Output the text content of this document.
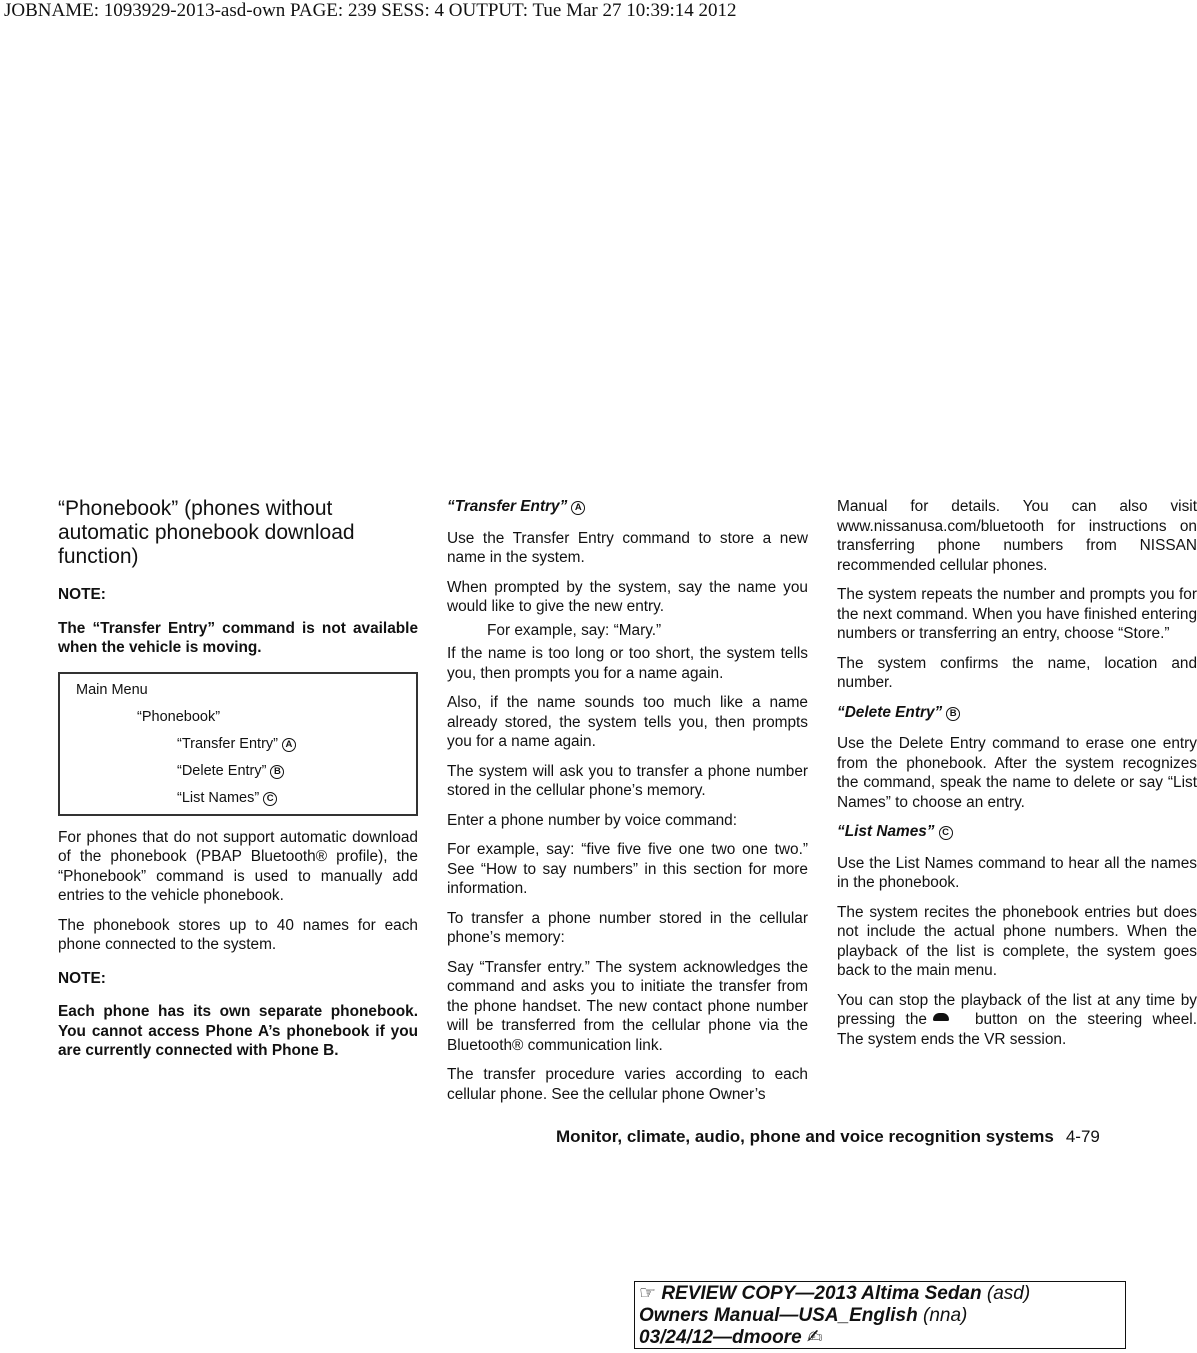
JOBNAME: 1093929-2013-asd-own PAGE: 239 SESS: 4 OUTPUT: Tue Mar 27 10:39:14 2012

“Phonebook” (phones without automatic phonebook download function)

NOTE:

The “Transfer Entry” command is not available when the vehicle is moving.

Main Menu
“Phonebook”
“Transfer Entry” A
“Delete Entry” B
“List Names” C

For phones that do not support automatic download of the phonebook (PBAP Bluetooth® profile), the “Phonebook” command is used to manually add entries to the vehicle phonebook.

The phonebook stores up to 40 names for each phone connected to the system.

NOTE:

Each phone has its own separate phonebook. You cannot access Phone A’s phonebook if you are currently connected with Phone B.

“Transfer Entry” A

Use the Transfer Entry command to store a new name in the system.

When prompted by the system, say the name you would like to give the new entry.

For example, say: “Mary.”

If the name is too long or too short, the system tells you, then prompts you for a name again.

Also, if the name sounds too much like a name already stored, the system tells you, then prompts you for a name again.

The system will ask you to transfer a phone number stored in the cellular phone’s memory.

Enter a phone number by voice command:

For example, say: “five five five one two one two.” See “How to say numbers” in this section for more information.

To transfer a phone number stored in the cellular phone’s memory:

Say “Transfer entry.” The system acknowledges the command and asks you to initiate the transfer from the phone handset. The new contact phone number will be transferred from the cellular phone via the Bluetooth® communication link.

The transfer procedure varies according to each cellular phone. See the cellular phone Owner’s

Manual for details. You can also visit www.nissanusa.com/bluetooth for instructions on transferring phone numbers from NISSAN recommended cellular phones.

The system repeats the number and prompts you for the next command. When you have finished entering numbers or transferring an entry, choose “Store.”

The system confirms the name, location and number.

“Delete Entry” B

Use the Delete Entry command to erase one entry from the phonebook. After the system recognizes the command, speak the name to delete or say “List Names” to choose an entry.

“List Names” C

Use the List Names command to hear all the names in the phonebook.

The system recites the phonebook entries but does not include the actual phone numbers. When the playback of the list is complete, the system goes back to the main menu.

You can stop the playback of the list at any time by pressing the	button on the steering wheel. The system ends the VR session.

Monitor, climate, audio, phone and voice recognition systems 4-79
☞ REVIEW COPY—2013 Altima Sedan (asd)
Owners Manual—USA_English (nna)
03/24/12—dmoore ✍
